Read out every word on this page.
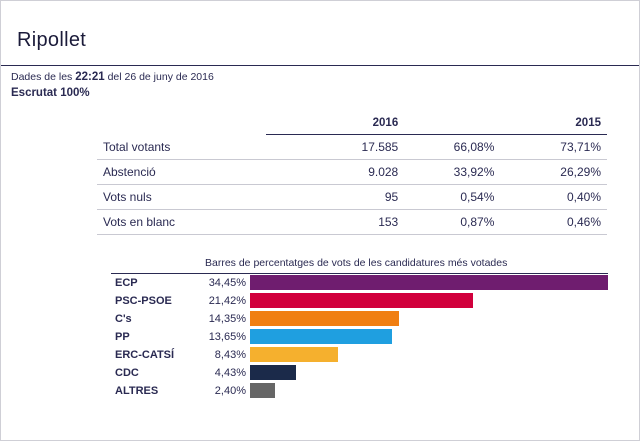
Ripollet
Dades de les 22:21 del 26 de juny de 2016
Escrutat 100%
	2016		2015
Total votants	17.585	66,08%	73,71%
Abstenció	9.028	33,92%	26,29%
Vots nuls	95	0,54%	0,40%
Vots en blanc	153	0,87%	0,46%
Barres de percentatges de vots de les candidatures més votades
ECP	34,45%
PSC-PSOE	21,42%
C's	14,35%
PP	13,65%
ERC-CATSÍ	8,43%
CDC	4,43%
ALTRES	2,40%
